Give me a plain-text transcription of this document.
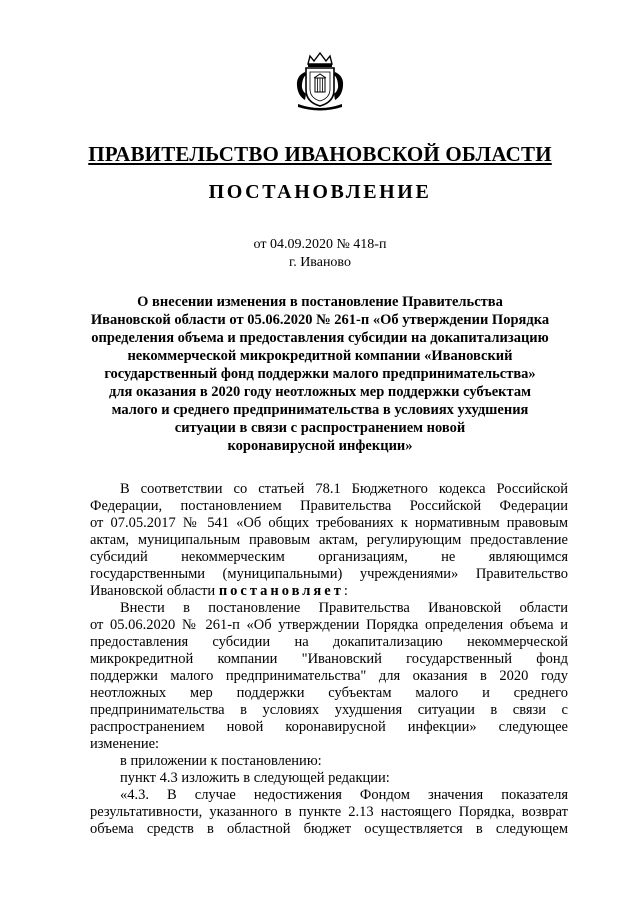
ПРАВИТЕЛЬСТВО ИВАНОВСКОЙ ОБЛАСТИ
ПОСТАНОВЛЕНИЕ
от 04.09.2020 № 418-п
г. Иваново
О внесении изменения в постановление Правительства
Ивановской области от 05.06.2020 № 261-п «Об утверждении Порядка
определения объема и предоставления субсидии на докапитализацию
некоммерческой микрокредитной компании «Ивановский
государственный фонд поддержки малого предпринимательства»
для оказания в 2020 году неотложных мер поддержки субъектам
малого и среднего предпринимательства в условиях ухудшения
ситуации в связи с распространением новой
коронавирусной инфекции»
В соответствии со статьей 78.1 Бюджетного кодекса Российской
Федерации, постановлением Правительства Российской Федерации
от 07.05.2017 № 541 «Об общих требованиях к нормативным правовым
актам, муниципальным правовым актам, регулирующим предоставление
субсидий некоммерческим организациям, не являющимся
государственными (муниципальными) учреждениями» Правительство
Ивановской области постановляет:
Внести в постановление Правительства Ивановской области
от 05.06.2020 № 261-п «Об утверждении Порядка определения объема и
предоставления субсидии на докапитализацию некоммерческой
микрокредитной компании "Ивановский государственный фонд
поддержки малого предпринимательства" для оказания в 2020 году
неотложных мер поддержки субъектам малого и среднего
предпринимательства в условиях ухудшения ситуации в связи с
распространением новой коронавирусной инфекции» следующее
изменение:
в приложении к постановлению:
пункт 4.3 изложить в следующей редакции:
«4.3. В случае недостижения Фондом значения показателя
результативности, указанного в пункте 2.13 настоящего Порядка, возврат
объема средств в областной бюджет осуществляется в следующем
